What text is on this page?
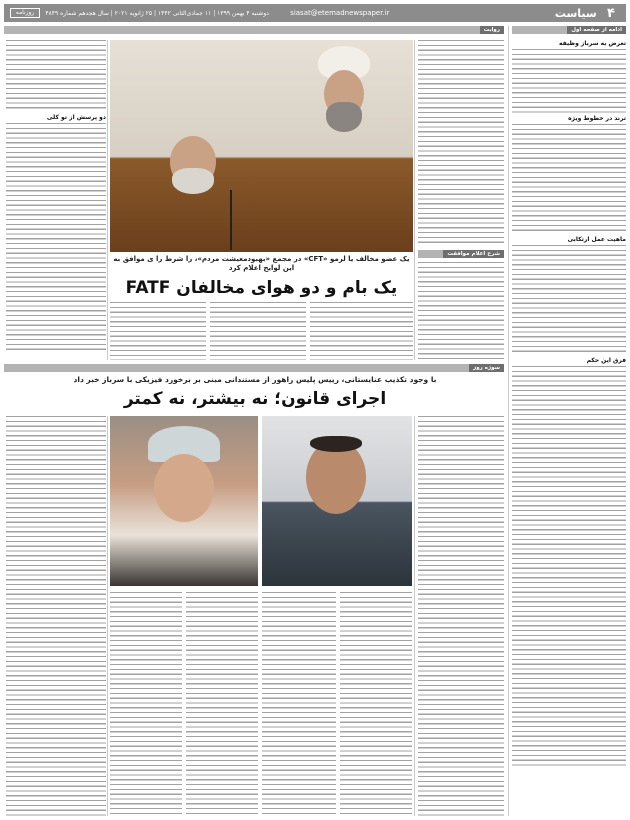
۴
سیاست
siasat@etemadnewspaper.ir
دوشنبه ۴ بهمن ۱۳۹۹ | ۱۱ جمادی‌الثانی ۱۴۴۲ | ۲۵ ژانویه ۲۰۲۱ | سال هجدهم شماره ۴۸۴۹
روزنامه
ادامه از صفحه اول
تعرض به سرباز وظیفه
ترند در خطوط ویژه
ماهیت عمل ارتکابی
فرق این حکم
روایت
شرح اعلام موافقت
یک عضو مخالف یا لرمو «CFT» در مجمع «بهبودمعیشت مردم»، را شرط را ی موافق به این لوایح اعلام کرد
یک بام و دو هوای مخالفان FATF
دو پرسش از تو کلی
سوژه روز
با وجود تکذیب عنایستانی، رییس پلیس راهور از مستندانی مبنی بر برخورد فیزیکی با سرباز خبر داد
اجرای قانون؛ نه بیشتر، نه کمتر
